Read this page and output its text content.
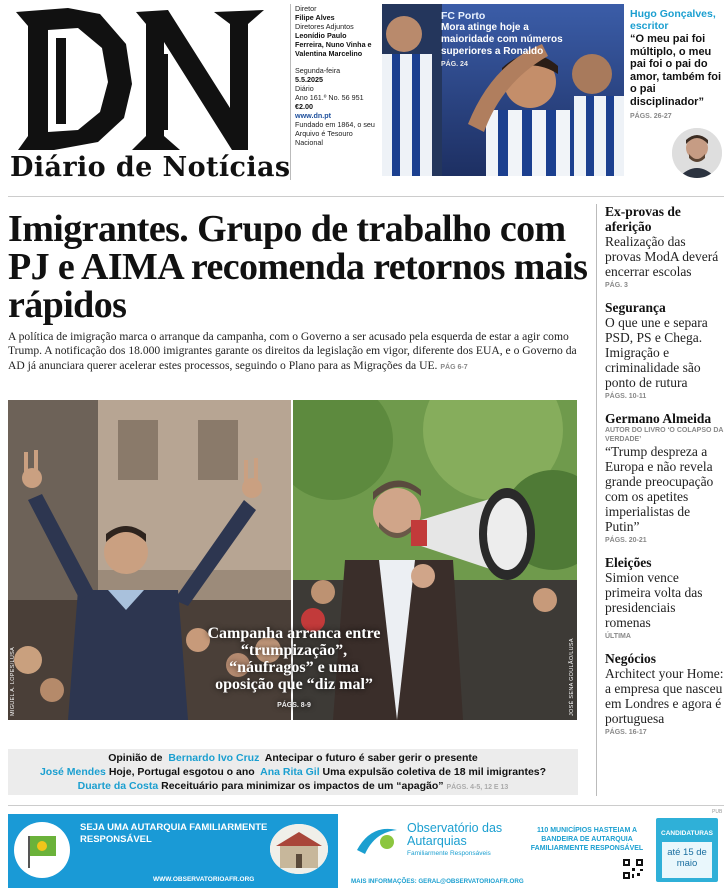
Diário de Notícias
Diretor
Filipe Alves
Diretores Adjuntos
Leonídio Paulo Ferreira, Nuno Vinha e Valentina Marcelino
Segunda-feira
5.5.2025
Diário
Ano 161.º No. 56 951
€2.00
www.dn.pt
Fundado em 1864, o seu Arquivo é Tesouro Nacional
FC Porto
Mora atinge hoje a maioridade com números superiores a Ronaldo
PÁG. 24
Hugo Gonçalves, escritor
“O meu pai foi múltiplo, o meu pai foi o pai do amor, também foi o pai disciplinador”
PÁGS. 26-27
Imigrantes. Grupo de trabalho com PJ e AIMA recomenda retornos mais rápidos

A política de imigração marca o arranque da campanha, com o Governo a ser acusado pela esquerda de estar a agir como Trump. A notificação dos 18.000 imigrantes garante os direitos da legislação em vigor, diferente dos EUA, e o Governo da AD já anunciara querer acelerar estes processos, seguindo o Plano para as Migrações da UE. PÁG 6-7

MIGUEL A. LOPES/LUSA	JOSÉ SENA GOULÃO/LUSA
Campanha arranca entre “trumpização”, “náufragos” e uma oposição que “diz mal”
PÁGS. 8-9
Ex-provas de aferição
Realização das provas ModA deverá encerrar escolas
PÁG. 3
Segurança
O que une e separa PSD, PS e Chega. Imigração e criminalidade são ponto de rutura
PÁGS. 10-11
Germano Almeida
AUTOR DO LIVRO ‘O COLAPSO DA VERDADE’
“Trump despreza a Europa e não revela grande preocupação com os apetites imperialistas de Putin”
PÁGS. 20-21
Eleições
Simion vence primeira volta das presidenciais romenas
ÚLTIMA
Negócios
Architect your Home: a empresa que nasceu em Londres e agora é portuguesa
PÁGS. 16-17
Opinião de Bernardo Ivo Cruz Antecipar o futuro é saber gerir o presente
José Mendes Hoje, Portugal esgotou o ano Ana Rita Gil Uma expulsão coletiva de 18 mil imigrantes?
Duarte da Costa Receituário para minimizar os impactos de um “apagão” PÁGS. 4-5, 12 E 13
PUB
SEJA UMA AUTARQUIA FAMILIARMENTE RESPONSÁVEL
WWW.OBSERVATORIOAFR.ORG
Observatório das Autarquias
Familiarmente Responsáveis
MAIS INFORMAÇÕES: GERAL@OBSERVATORIOAFR.ORG
110 MUNICÍPIOS HASTEIAM A BANDEIRA DE AUTARQUIA FAMILIARMENTE RESPONSÁVEL
CANDIDATURAS
até 15 de maio
